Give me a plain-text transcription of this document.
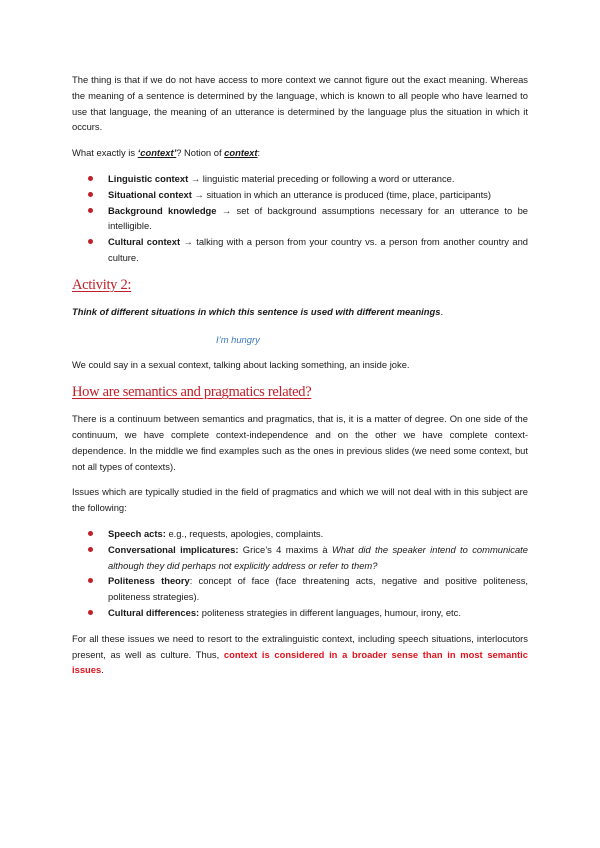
The thing is that if we do not have access to more context we cannot figure out the exact meaning. Whereas the meaning of a sentence is determined by the language, which is known to all people who have learned to use that language, the meaning of an utterance is determined by the language plus the situation in which it occurs.

What exactly is ‘context’? Notion of context:

Linguistic context → linguistic material preceding or following a word or utterance.
Situational context → situation in which an utterance is produced (time, place, participants)
Background knowledge → set of background assumptions necessary for an utterance to be intelligible.
Cultural context → talking with a person from your country vs. a person from another country and culture.
Activity 2:

Think of different situations in which this sentence is used with different meanings.

I’m hungry

We could say in a sexual context, talking about lacking something, an inside joke.

How are semantics and pragmatics related?

There is a continuum between semantics and pragmatics, that is, it is a matter of degree. On one side of the continuum, we have complete context-independence and on the other we have complete context-dependence. In the middle we find examples such as the ones in previous slides (we need some context, but not all types of contexts).

Issues which are typically studied in the field of pragmatics and which we will not deal with in this subject are the following:

Speech acts: e.g., requests, apologies, complaints.
Conversational implicatures: Grice’s 4 maxims à What did the speaker intend to communicate although they did perhaps not explicitly address or refer to them?
Politeness theory: concept of face (face threatening acts, negative and positive politeness, politeness strategies).
Cultural differences: politeness strategies in different languages, humour, irony, etc.

For all these issues we need to resort to the extralinguistic context, including speech situations, interlocutors present, as well as culture. Thus, context is considered in a broader sense than in most semantic issues.
